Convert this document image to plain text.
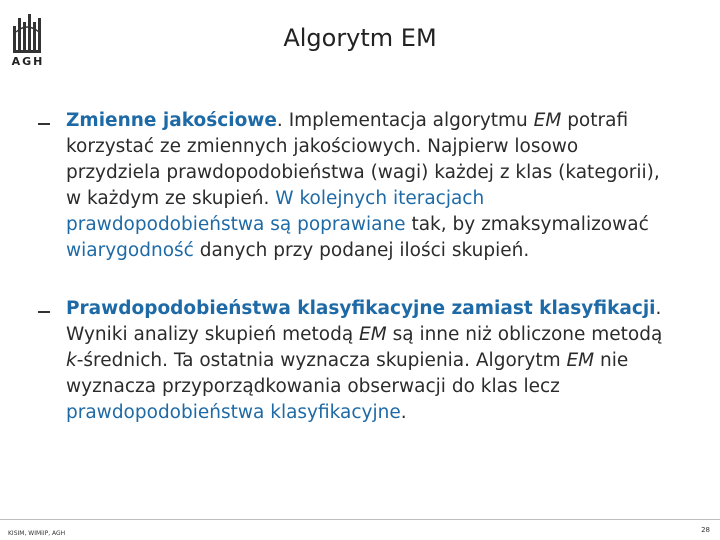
AGH
Algorytm EM
Zmienne jakościowe. Implementacja algorytmu EM potrafi korzystać ze zmiennych jakościowych. Najpierw losowo przydziela prawdopodobieństwa (wagi) każdej z klas (kategorii), w każdym ze skupień. W kolejnych iteracjach prawdopodobieństwa są poprawiane tak, by zmaksymalizować wiarygodność danych przy podanej ilości skupień.
Prawdopodobieństwa klasyfikacyjne zamiast klasyfikacji. Wyniki analizy skupień metodą EM są inne niż obliczone metodą k-średnich. Ta ostatnia wyznacza skupienia. Algorytm EM nie wyznacza przyporządkowania obserwacji do klas lecz prawdopodobieństwa klasyfikacyjne.
KISIM, WIMiIP, AGH	28
